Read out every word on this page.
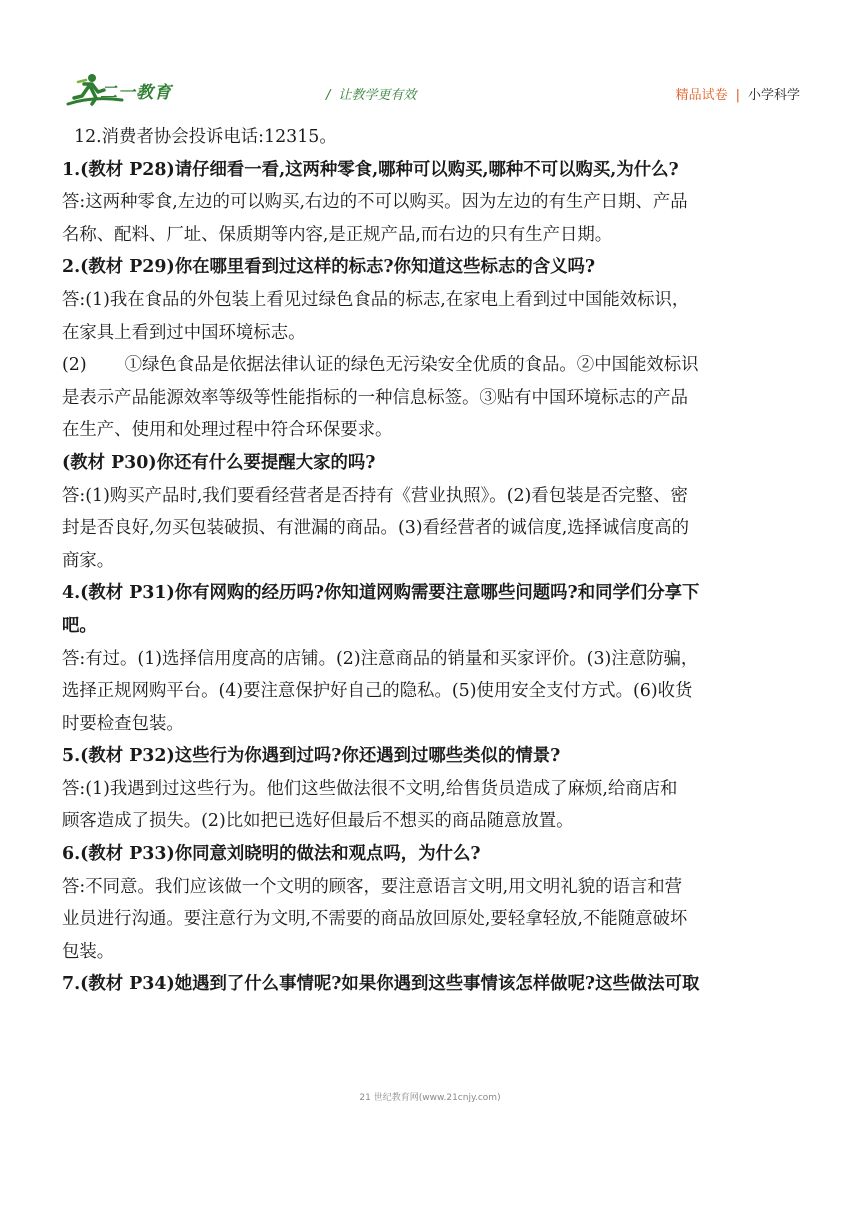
二一教育	/ 让教学更有效	精品试卷 | 小学科学

12.消费者协会投诉电话:12315。

1.(教材 P28)请仔细看一看,这两种零食,哪种可以购买,哪种不可以购买,为什么?

答:这两种零食,左边的可以购买,右边的不可以购买。因为左边的有生产日期、产品

名称、配料、厂址、保质期等内容,是正规产品,而右边的只有生产日期。

2.(教材 P29)你在哪里看到过这样的标志?你知道这些标志的含义吗?

答:(1)我在食品的外包装上看见过绿色食品的标志,在家电上看到过中国能效标识，

在家具上看到过中国环境标志。

(2) ①绿色食品是依据法律认证的绿色无污染安全优质的食品。②中国能效标识

是表示产品能源效率等级等性能指标的一种信息标签。③贴有中国环境标志的产品

在生产、使用和处理过程中符合环保要求。

(教材 P30)你还有什么要提醒大家的吗?

答:(1)购买产品时,我们要看经营者是否持有《营业执照》。(2)看包装是否完整、密

封是否良好,勿买包装破损、有泄漏的商品。(3)看经营者的诚信度,选择诚信度高的

商家。

4.(教材 P31)你有网购的经历吗?你知道网购需要注意哪些问题吗?和同学们分享下

吧。

答:有过。(1)选择信用度高的店铺。(2)注意商品的销量和买家评价。(3)注意防骗，

选择正规网购平台。(4)要注意保护好自己的隐私。(5)使用安全支付方式。(6)收货

时要检查包装。

5.(教材 P32)这些行为你遇到过吗?你还遇到过哪些类似的情景?

答:(1)我遇到过这些行为。他们这些做法很不文明,给售货员造成了麻烦,给商店和

顾客造成了损失。(2)比如把已选好但最后不想买的商品随意放置。

6.(教材 P33)你同意刘晓明的做法和观点吗，为什么?

答:不同意。我们应该做一个文明的顾客，要注意语言文明,用文明礼貌的语言和营

业员进行沟通。要注意行为文明,不需要的商品放回原处,要轻拿轻放,不能随意破坏

包装。

7.(教材 P34)她遇到了什么事情呢?如果你遇到这些事情该怎样做呢?这些做法可取

21 世纪教育网(www.21cnjy.com)
